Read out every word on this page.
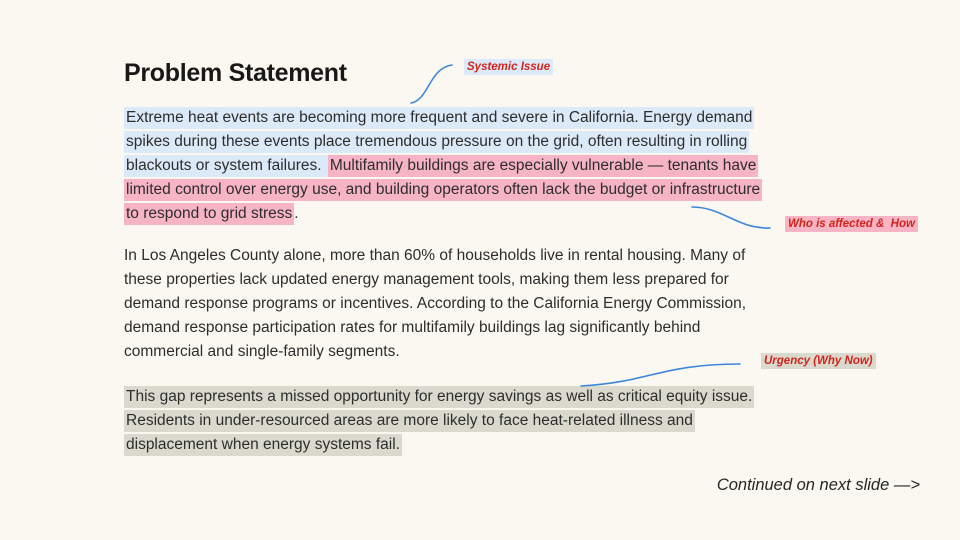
Problem Statement
Extreme heat events are becoming more frequent and severe in California. Energy demand
spikes during these events place tremendous pressure on the grid, often resulting in rolling
blackouts or system failures. Multifamily buildings are especially vulnerable — tenants have
limited control over energy use, and building operators often lack the budget or infrastructure
to respond to grid stress .
In Los Angeles County alone, more than 60% of households live in rental housing. Many of
these properties lack updated energy management tools, making them less prepared for
demand response programs or incentives. According to the California Energy Commission,
demand response participation rates for multifamily buildings lag significantly behind
commercial and single-family segments.
This gap represents a missed opportunity for energy savings as well as critical equity issue.
Residents in under-resourced areas are more likely to face heat-related illness and
displacement when energy systems fail.
Systemic Issue
Who is affected &  How
Urgency (Why Now)
Continued on next slide —>
